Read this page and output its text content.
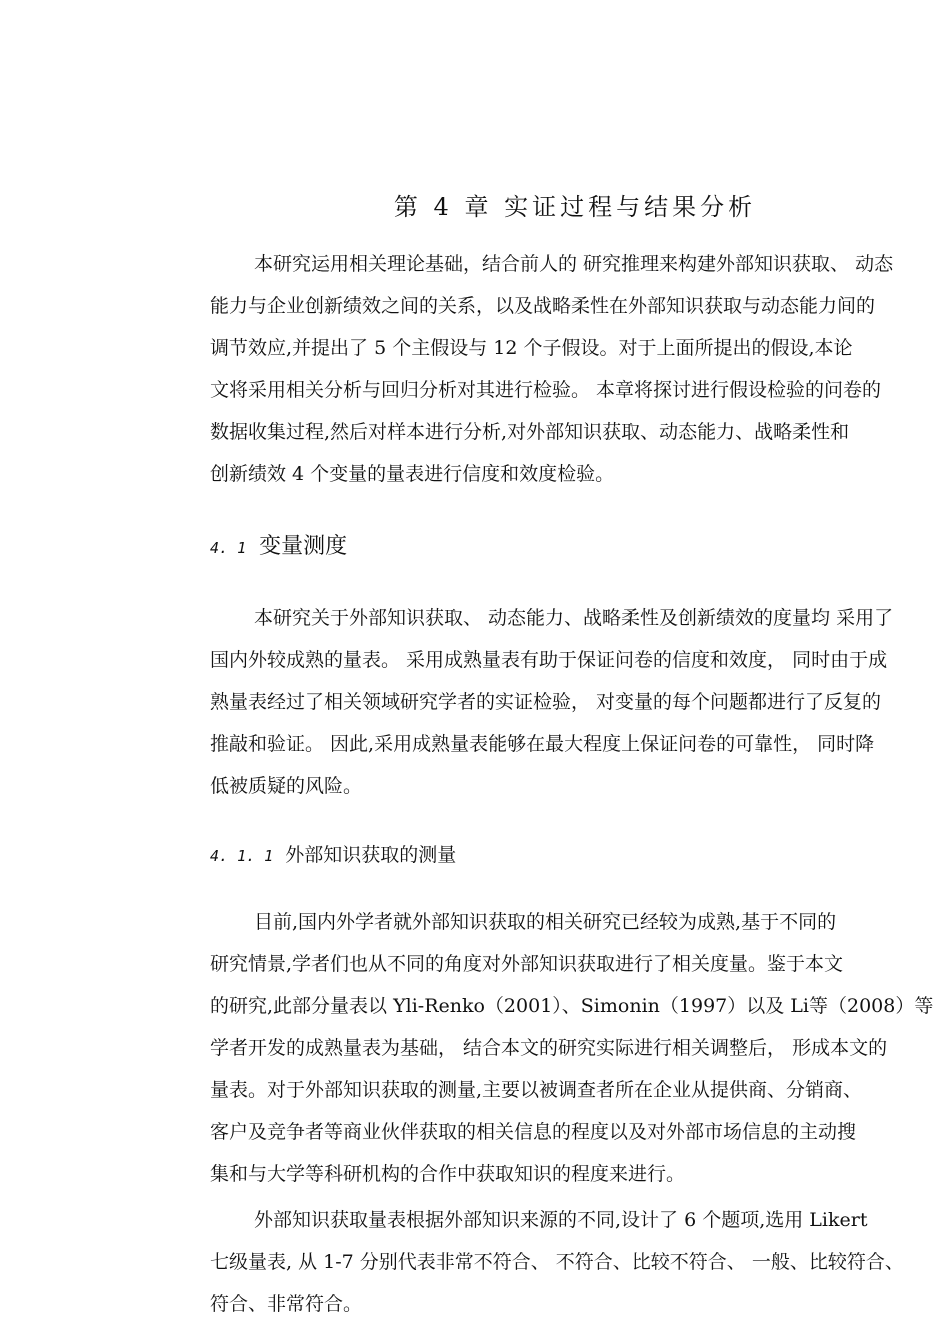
第 4 章 实证过程与结果分析
本研究运用相关理论基础，结合前人的 研究推理来构建外部知识获取、 动态
能力与企业创新绩效之间的关系，以及战略柔性在外部知识获取与动态能力间的
调节效应,并提出了 5 个主假设与 12 个子假设。对于上面所提出的假设,本论
文将采用相关分析与回归分析对其进行检验。 本章将探讨进行假设检验的问卷的
数据收集过程,然后对样本进行分析,对外部知识获取、动态能力、战略柔性和
创新绩效 4 个变量的量表进行信度和效度检验。
4. 1 变量测度
本研究关于外部知识获取、 动态能力、战略柔性及创新绩效的度量均 采用了
国内外较成熟的量表。 采用成熟量表有助于保证问卷的信度和效度， 同时由于成
熟量表经过了相关领域研究学者的实证检验， 对变量的每个问题都进行了反复的
推敲和验证。 因此,采用成熟量表能够在最大程度上保证问卷的可靠性， 同时降
低被质疑的风险。
4. 1. 1 外部知识获取的测量
目前,国内外学者就外部知识获取的相关研究已经较为成熟,基于不同的
研究情景,学者们也从不同的角度对外部知识获取进行了相关度量。鉴于本文
的研究,此部分量表以 Yli-Renko（2001）、Simonin（1997）以及 Li等（2008）等
学者开发的成熟量表为基础， 结合本文的研究实际进行相关调整后， 形成本文的
量表。对于外部知识获取的测量,主要以被调查者所在企业从提供商、分销商、
客户及竞争者等商业伙伴获取的相关信息的程度以及对外部市场信息的主动搜
集和与大学等科研机构的合作中获取知识的程度来进行。
外部知识获取量表根据外部知识来源的不同,设计了 6 个题项,选用 Likert
七级量表, 从 1-7 分别代表非常不符合、 不符合、比较不符合、 一般、比较符合、
符合、非常符合。
